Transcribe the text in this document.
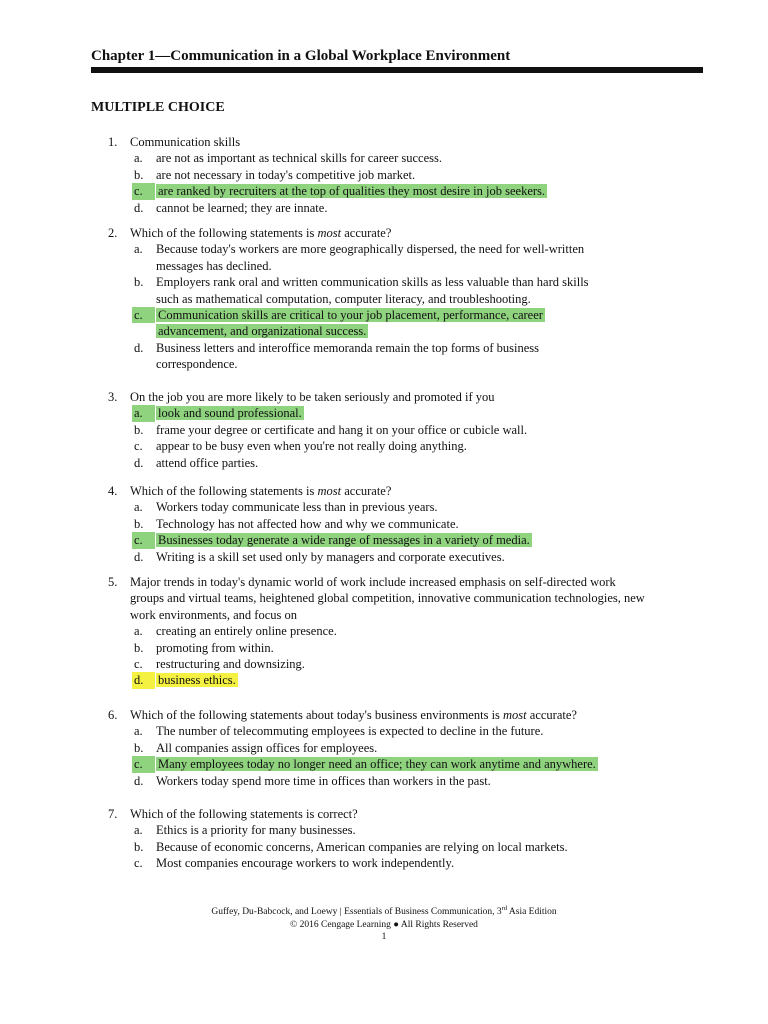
Chapter 1—Communication in a Global Workplace Environment
MULTIPLE CHOICE
1. Communication skills
a. are not as important as technical skills for career success.
b. are not necessary in today's competitive job market.
c.	are ranked by recruiters at the top of qualities they most desire in job seekers.
d. cannot be learned; they are innate.
2. Which of the following statements is most accurate?
a. Because today's workers are more geographically dispersed, the need for well-written
messages has declined.
b. Employers rank oral and written communication skills as less valuable than hard skills
such as mathematical computation, computer literacy, and troubleshooting.
c.	Communication skills are critical to your job placement, performance, career
advancement, and organizational success.
d. Business letters and interoffice memoranda remain the top forms of business
correspondence.
3. On the job you are more likely to be taken seriously and promoted if you
a.	look and sound professional.
b. frame your degree or certificate and hang it on your office or cubicle wall.
c. appear to be busy even when you're not really doing anything.
d. attend office parties.
4. Which of the following statements is most accurate?
a. Workers today communicate less than in previous years.
b. Technology has not affected how and why we communicate.
c.	Businesses today generate a wide range of messages in a variety of media.
d. Writing is a skill set used only by managers and corporate executives.
5. Major trends in today's dynamic world of work include increased emphasis on self-directed work
groups and virtual teams, heightened global competition, innovative communication technologies, new
work environments, and focus on
a. creating an entirely online presence.
b. promoting from within.
c. restructuring and downsizing.
d.	business ethics.
6. Which of the following statements about today's business environments is most accurate?
a. The number of telecommuting employees is expected to decline in the future.
b. All companies assign offices for employees.
c.	Many employees today no longer need an office; they can work anytime and anywhere.
d. Workers today spend more time in offices than workers in the past.
7. Which of the following statements is correct?
a. Ethics is a priority for many businesses.
b. Because of economic concerns, American companies are relying on local markets.
c. Most companies encourage workers to work independently.
Guffey, Du-Babcock, and Loewy | Essentials of Business Communication, 3rd Asia Edition
© 2016 Cengage Learning ● All Rights Reserved
1
